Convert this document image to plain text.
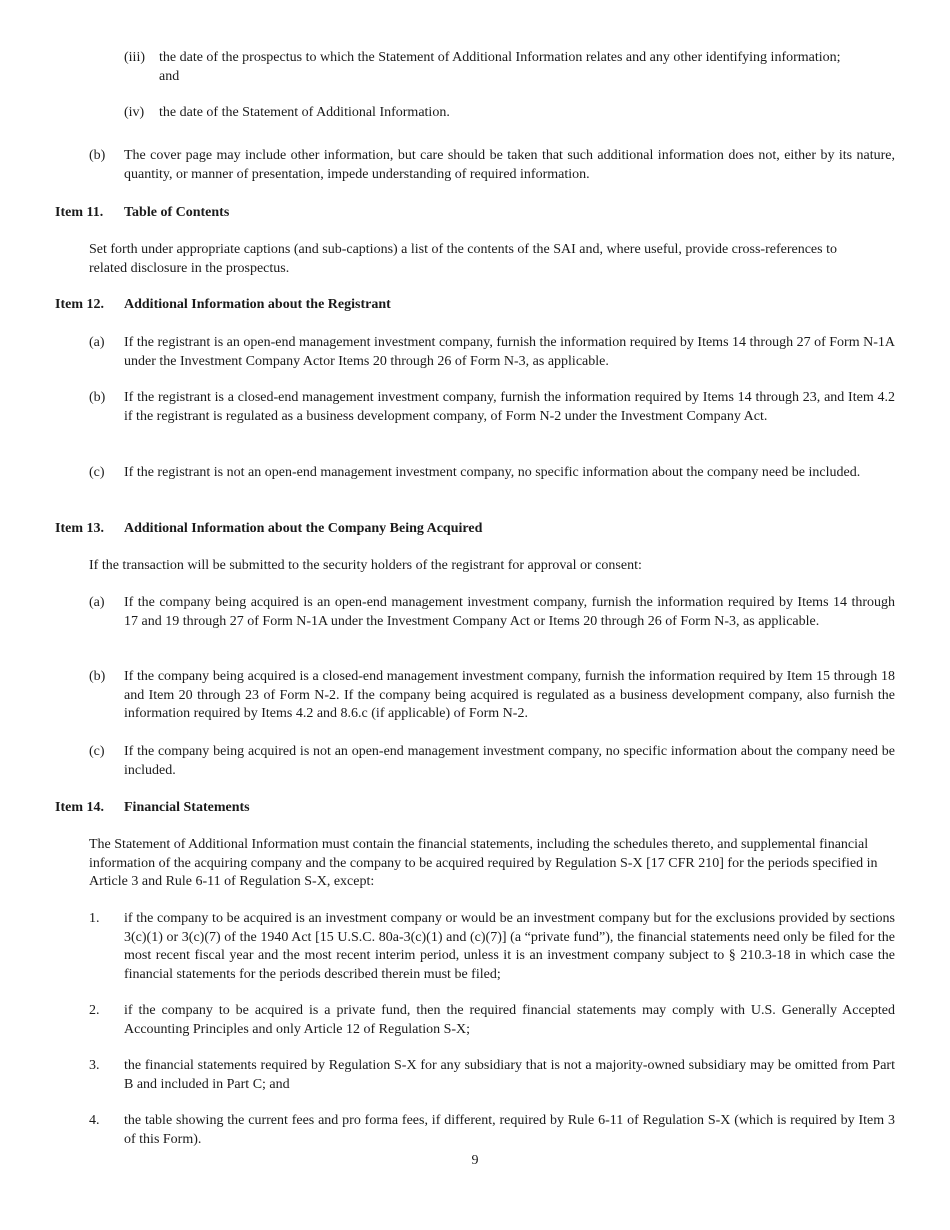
(iii)	the date of the prospectus to which the Statement of Additional Information relates and any other identifying information; and
(iv)	the date of the Statement of Additional Information.
(b)	The cover page may include other information, but care should be taken that such additional information does not, either by its nature, quantity, or manner of presentation, impede understanding of required information.
Item 11.	Table of Contents
Set forth under appropriate captions (and sub-captions) a list of the contents of the SAI and, where useful, provide cross-references to related disclosure in the prospectus.
Item 12.	Additional Information about the Registrant
(a)	If the registrant is an open-end management investment company, furnish the information required by Items 14 through 27 of Form N-1A under the Investment Company Actor Items 20 through 26 of Form N-3, as applicable.
(b)	If the registrant is a closed-end management investment company, furnish the information required by Items 14 through 23, and Item 4.2 if the registrant is regulated as a business development company, of Form N-2 under the Investment Company Act.
(c)	If the registrant is not an open-end management investment company, no specific information about the company need be included.
Item 13.	Additional Information about the Company Being Acquired
If the transaction will be submitted to the security holders of the registrant for approval or consent:
(a)	If the company being acquired is an open-end management investment company, furnish the information required by Items 14 through 17 and 19 through 27 of Form N-1A under the Investment Company Act or Items 20 through 26 of Form N-3, as applicable.
(b)	If the company being acquired is a closed-end management investment company, furnish the information required by Item 15 through 18 and Item 20 through 23 of Form N-2. If the company being acquired is regulated as a business development company, also furnish the information required by Items 4.2 and 8.6.c (if applicable) of Form N-2.
(c)	If the company being acquired is not an open-end management investment company, no specific information about the company need be included.
Item 14.	Financial Statements
The Statement of Additional Information must contain the financial statements, including the schedules thereto, and supplemental financial information of the acquiring company and the company to be acquired required by Regulation S-X [17 CFR 210] for the periods specified in Article 3 and Rule 6-11 of Regulation S-X, except:
1.	if the company to be acquired is an investment company or would be an investment company but for the exclusions provided by sections 3(c)(1) or 3(c)(7) of the 1940 Act [15 U.S.C. 80a-3(c)(1) and (c)(7)] (a “private fund”), the financial statements need only be filed for the most recent fiscal year and the most recent interim period, unless it is an investment company subject to § 210.3-18 in which case the financial statements for the periods described therein must be filed;
2.	if the company to be acquired is a private fund, then the required financial statements may comply with U.S. Generally Accepted Accounting Principles and only Article 12 of Regulation S-X;
3.	the financial statements required by Regulation S-X for any subsidiary that is not a majority-owned subsidiary may be omitted from Part B and included in Part C; and
4.	the table showing the current fees and pro forma fees, if different, required by Rule 6-11 of Regulation S-X (which is required by Item 3 of this Form).
9
